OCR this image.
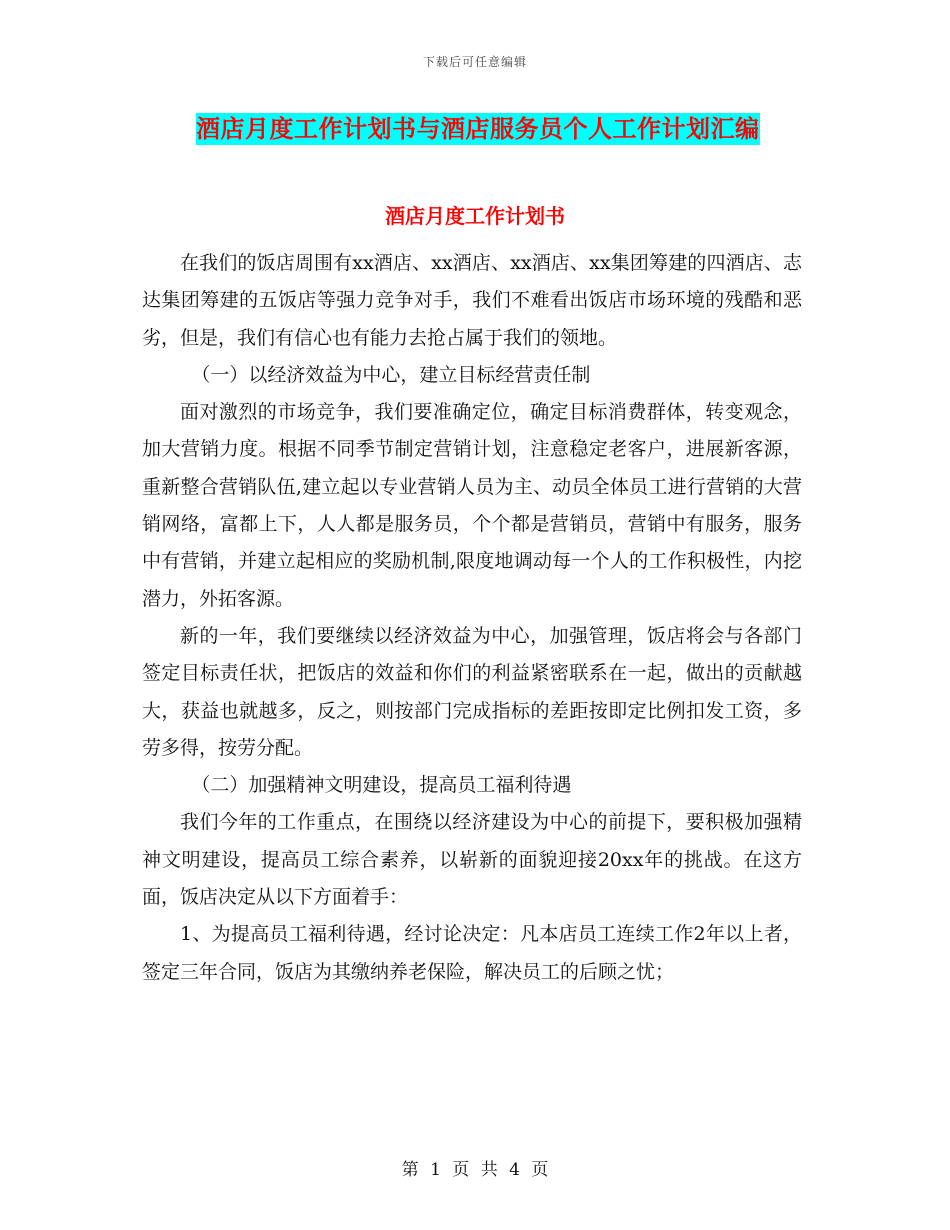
下载后可任意编辑
酒店月度工作计划书与酒店服务员个人工作计划汇编
酒店月度工作计划书

在我们的饭店周围有xx酒店、xx酒店、xx酒店、xx集团筹建的四酒店、志达集团筹建的五饭店等强力竞争对手，我们不难看出饭店市场环境的残酷和恶劣，但是，我们有信心也有能力去抢占属于我们的领地。

（一）以经济效益为中心，建立目标经营责任制

面对激烈的市场竞争，我们要准确定位，确定目标消费群体，转变观念，加大营销力度。根据不同季节制定营销计划，注意稳定老客户，进展新客源，重新整合营销队伍,建立起以专业营销人员为主、动员全体员工进行营销的大营销网络，富都上下，人人都是服务员，个个都是营销员，营销中有服务，服务中有营销，并建立起相应的奖励机制,限度地调动每一个人的工作积极性，内挖潜力，外拓客源。

新的一年，我们要继续以经济效益为中心，加强管理，饭店将会与各部门签定目标责任状，把饭店的效益和你们的利益紧密联系在一起，做出的贡献越大，获益也就越多，反之，则按部门完成指标的差距按即定比例扣发工资，多劳多得，按劳分配。

（二）加强精神文明建设，提高员工福利待遇

我们今年的工作重点，在围绕以经济建设为中心的前提下，要积极加强精神文明建设，提高员工综合素养，以崭新的面貌迎接20xx年的挑战。在这方面，饭店决定从以下方面着手：

1、为提高员工福利待遇，经讨论决定：凡本店员工连续工作2年以上者，签定三年合同，饭店为其缴纳养老保险，解决员工的后顾之忧；

第 1 页 共 4 页
